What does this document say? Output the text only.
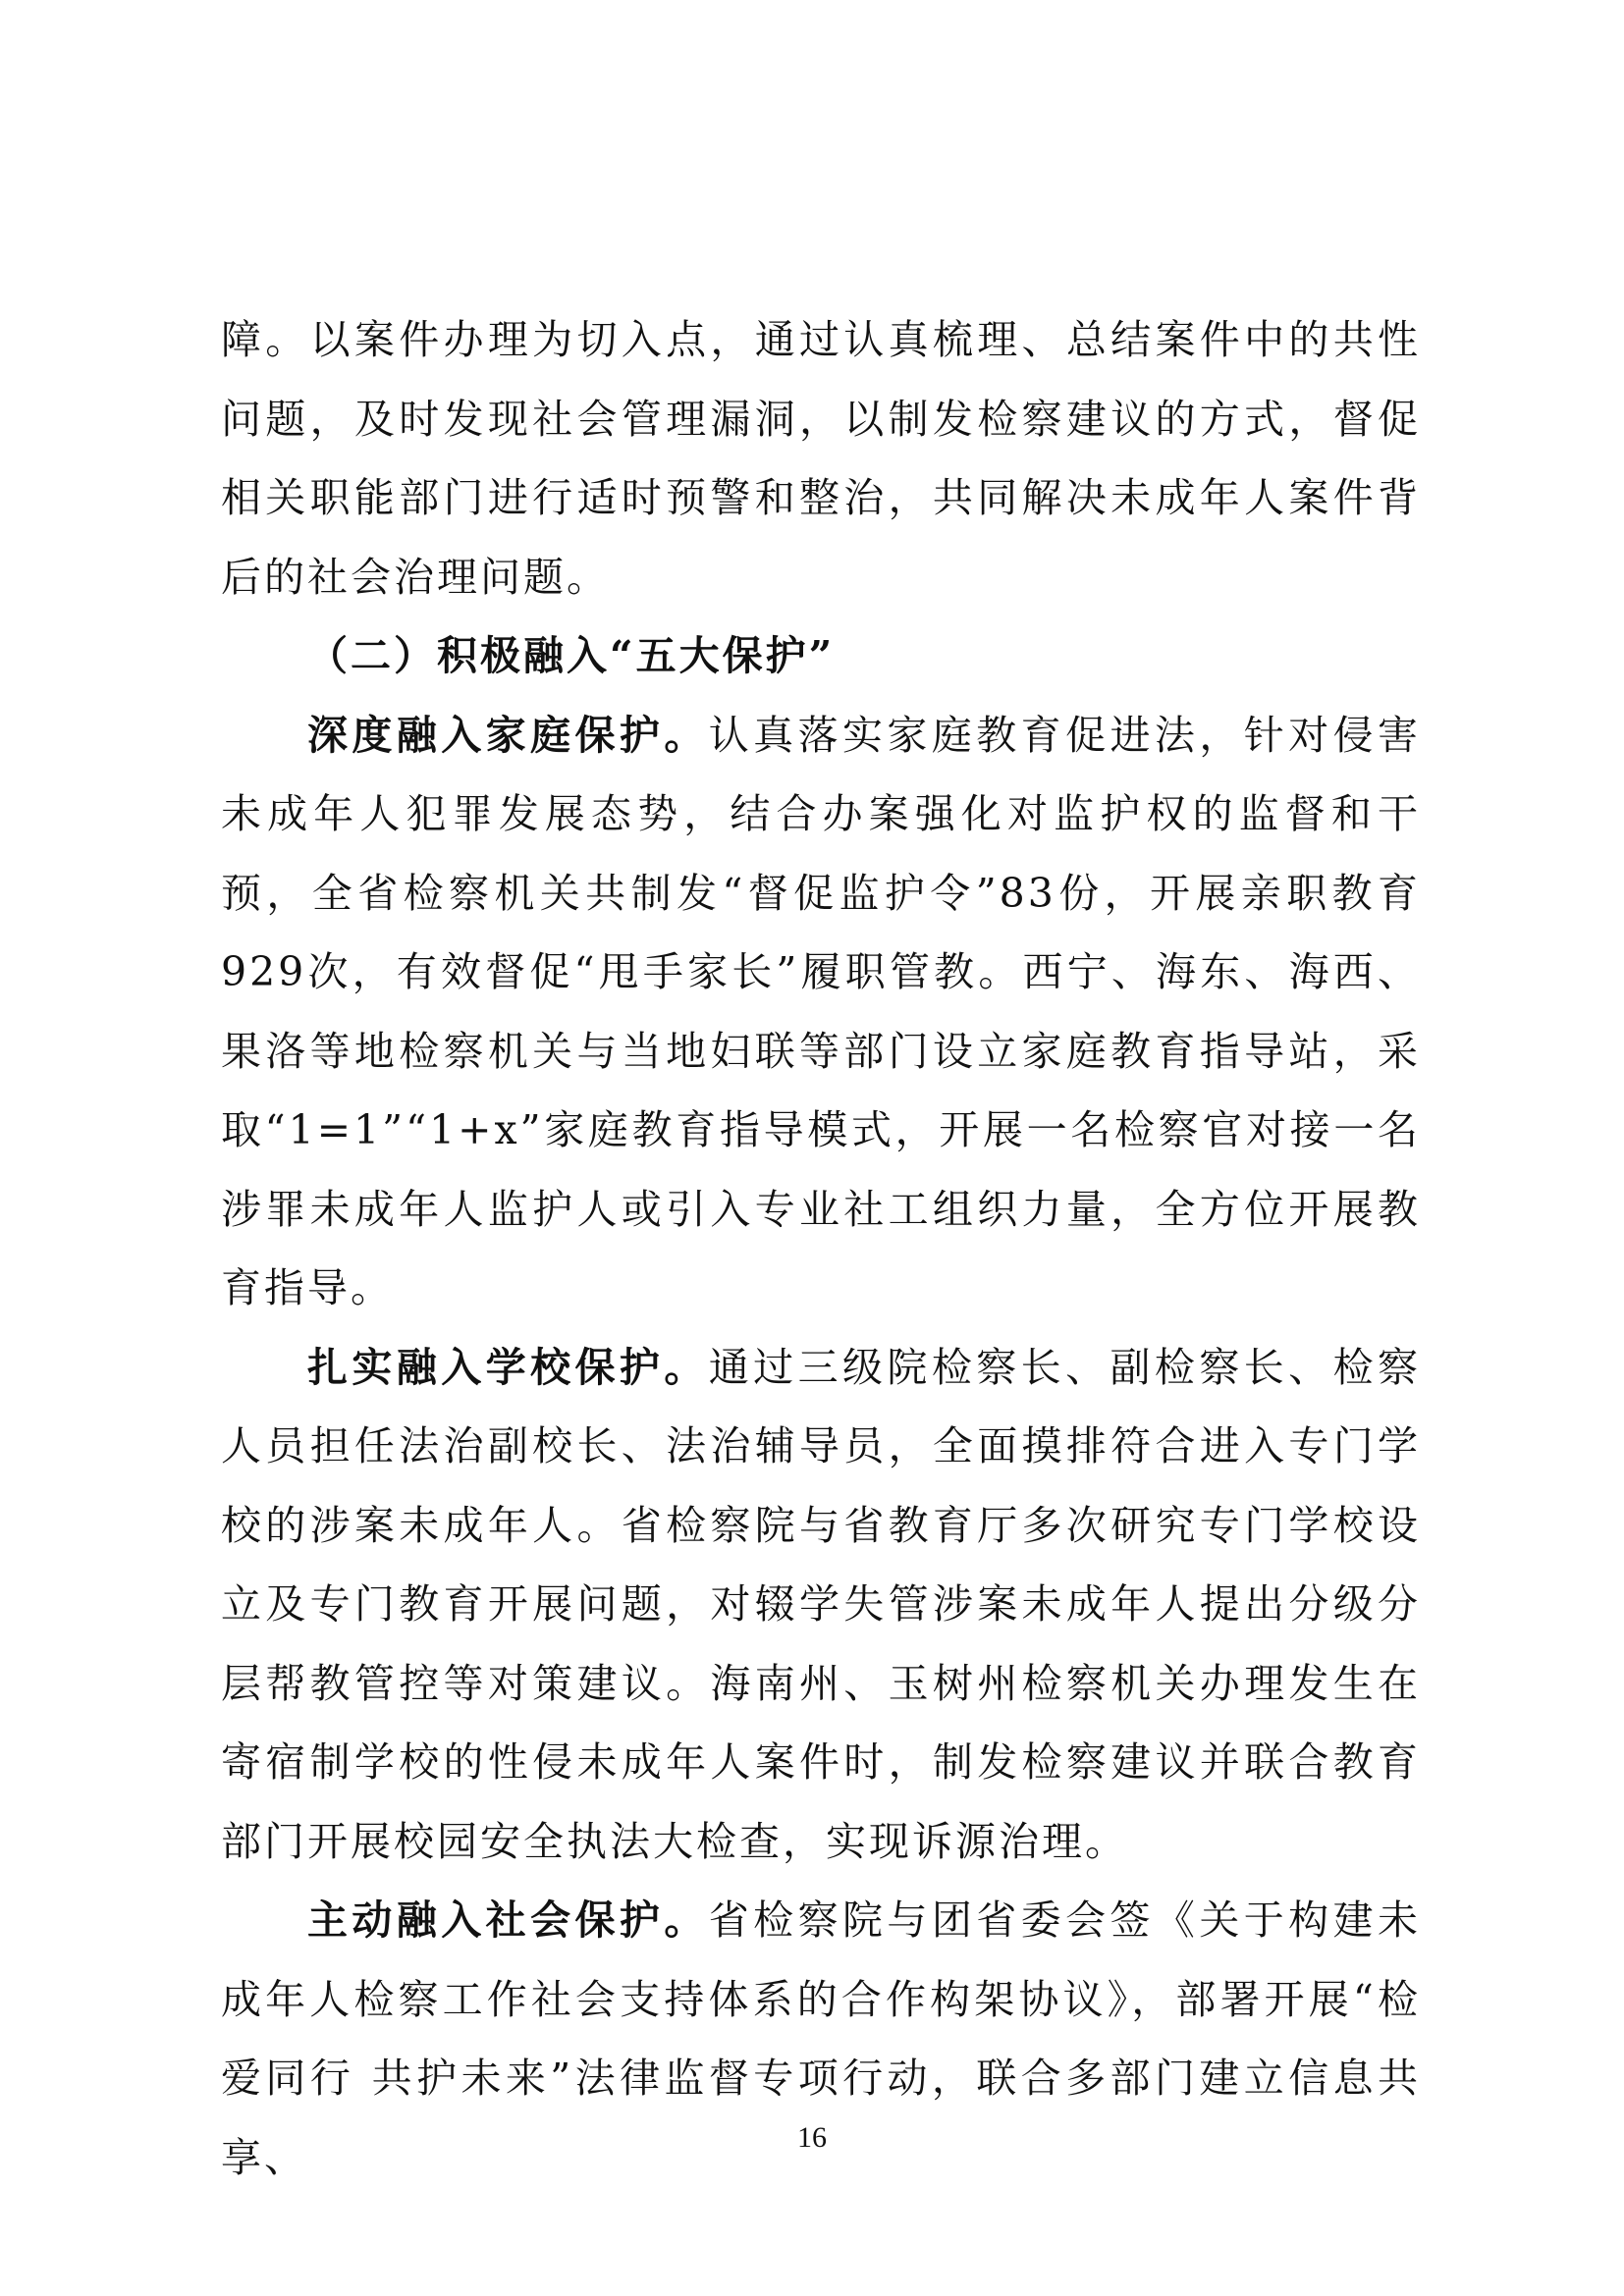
障。以案件办理为切入点，通过认真梳理、总结案件中的共性问题，及时发现社会管理漏洞，以制发检察建议的方式，督促相关职能部门进行适时预警和整治，共同解决未成年人案件背后的社会治理问题。

（二）积极融入“五大保护”

深度融入家庭保护。认真落实家庭教育促进法，针对侵害未成年人犯罪发展态势，结合办案强化对监护权的监督和干预，全省检察机关共制发“督促监护令”83份，开展亲职教育929次，有效督促“甩手家长”履职管教。西宁、海东、海西、果洛等地检察机关与当地妇联等部门设立家庭教育指导站，采取“1=1”“1+x”家庭教育指导模式，开展一名检察官对接一名涉罪未成年人监护人或引入专业社工组织力量，全方位开展教育指导。

扎实融入学校保护。通过三级院检察长、副检察长、检察人员担任法治副校长、法治辅导员，全面摸排符合进入专门学校的涉案未成年人。省检察院与省教育厅多次研究专门学校设立及专门教育开展问题，对辍学失管涉案未成年人提出分级分层帮教管控等对策建议。海南州、玉树州检察机关办理发生在寄宿制学校的性侵未成年人案件时，制发检察建议并联合教育部门开展校园安全执法大检查，实现诉源治理。

主动融入社会保护。省检察院与团省委会签《关于构建未成年人检察工作社会支持体系的合作构架协议》，部署开展“检爱同行 共护未来”法律监督专项行动，联合多部门建立信息共享、	16
